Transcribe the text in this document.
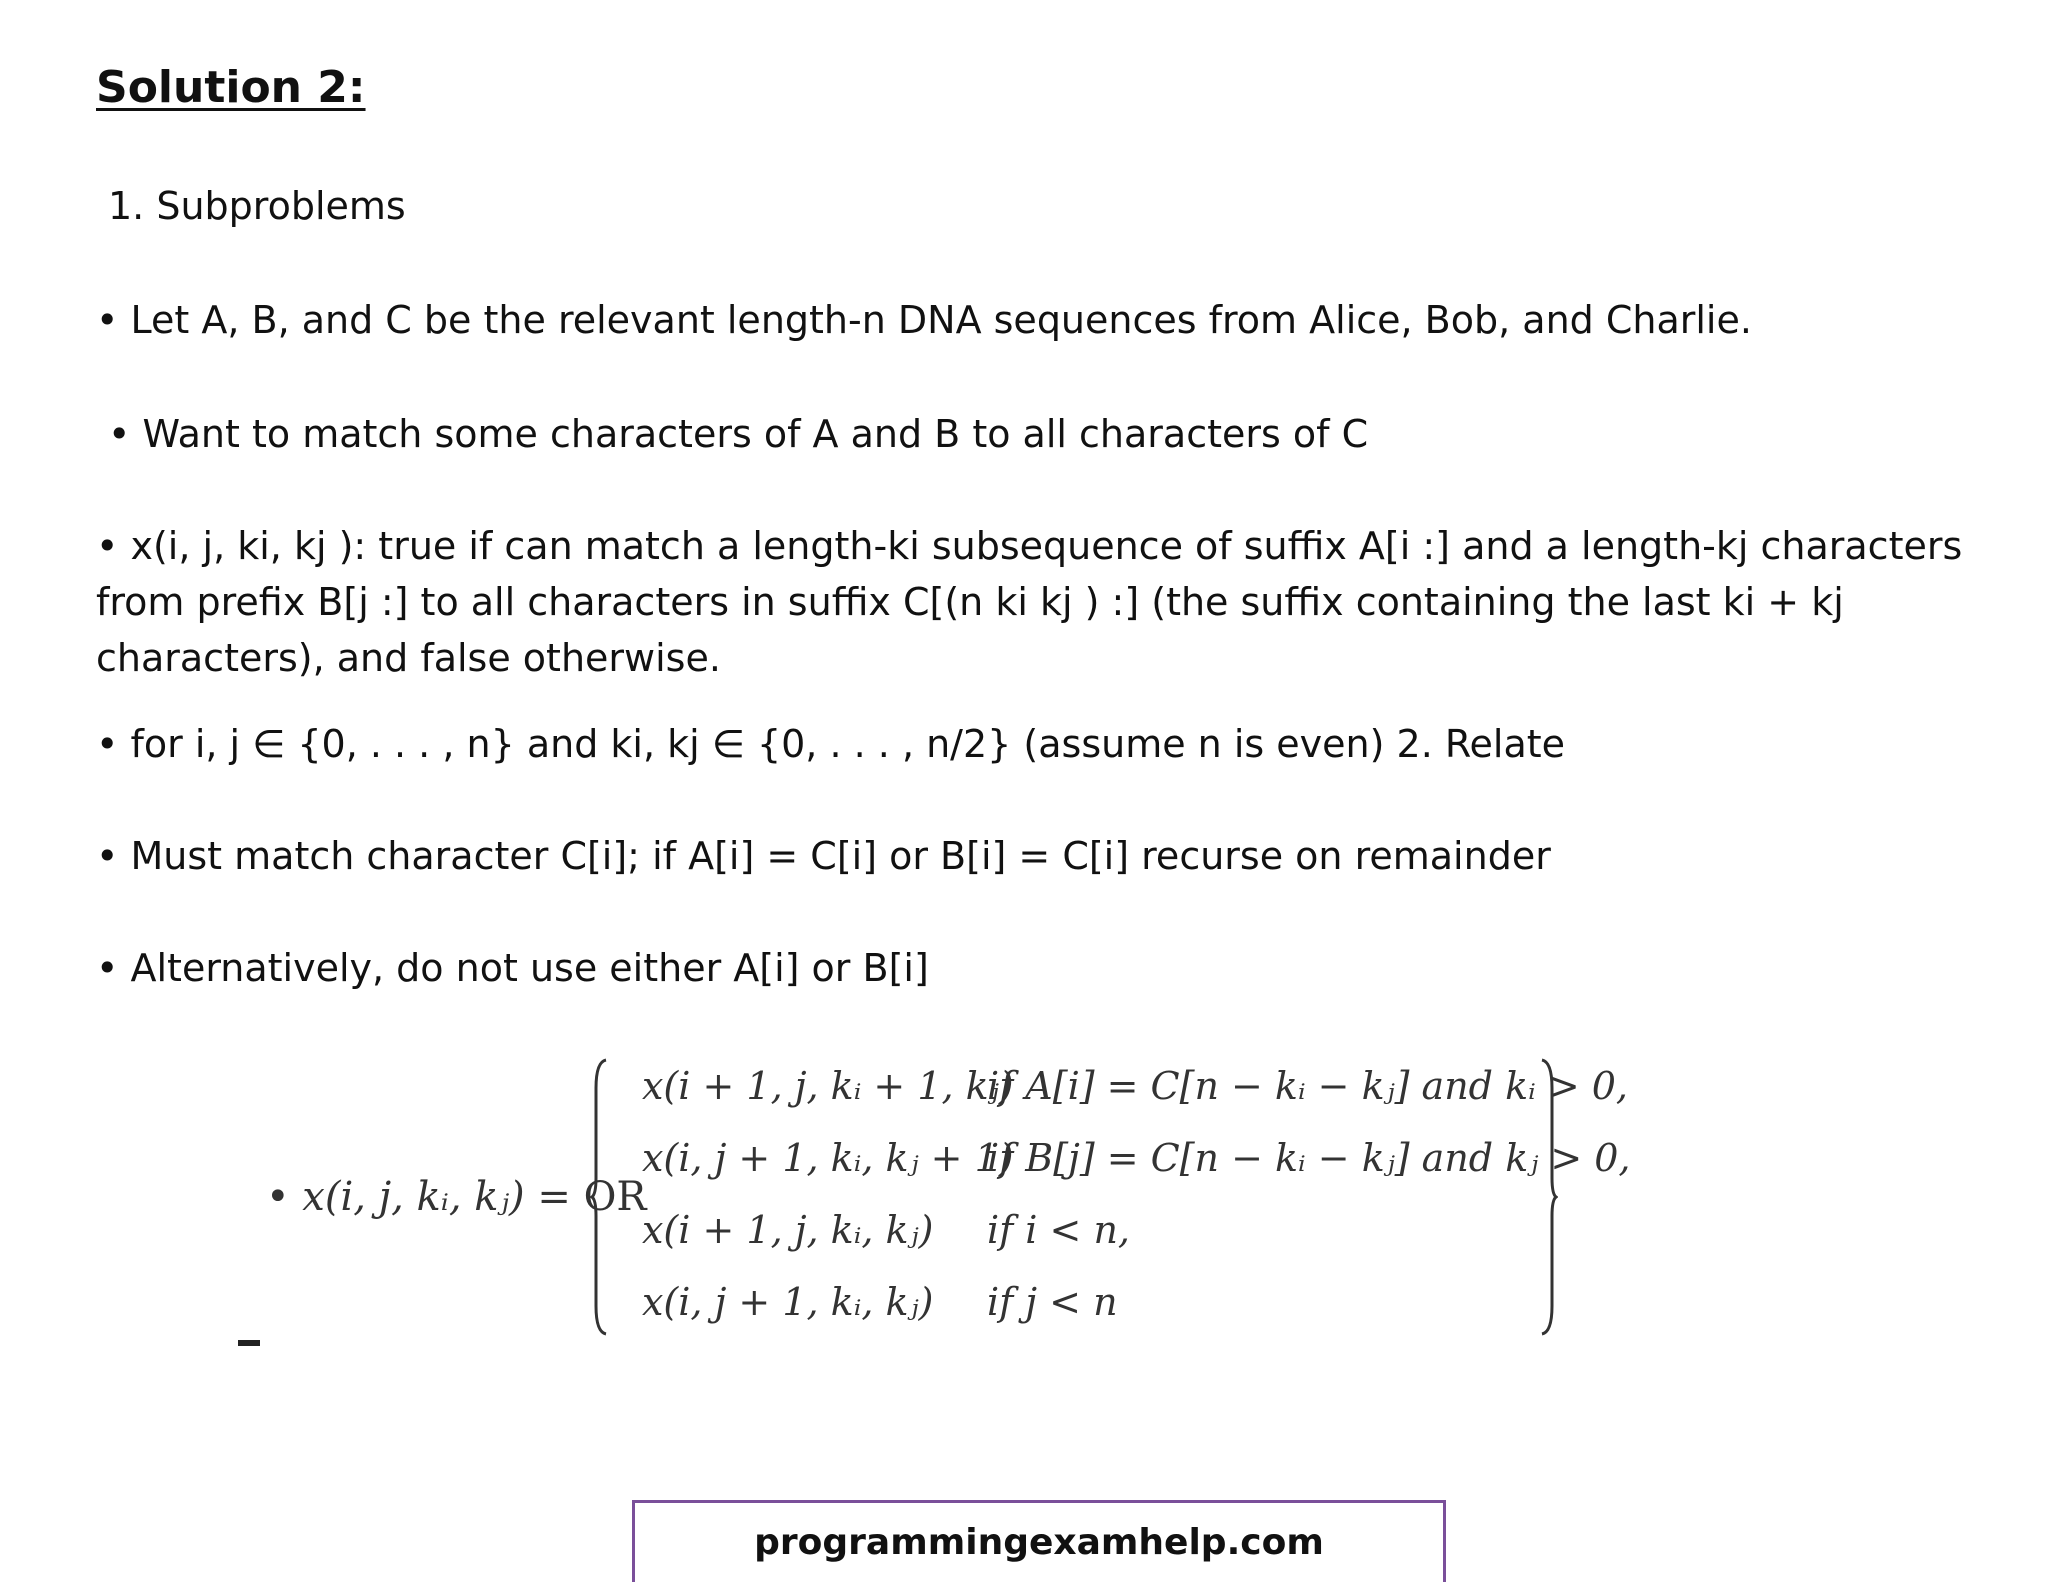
Solution 2:
1. Subproblems
• Let A, B, and C be the relevant length-n DNA sequences from Alice, Bob, and Charlie.
• Want to match some characters of A and B to all characters of C
• x(i, j, ki, kj ): true if can match a length-ki subsequence of suffix A[i :] and a length-kj characters from prefix B[j :] to all characters in suffix C[(n ki kj ) :] (the suffix containing the last ki + kj characters), and false otherwise.
• for i, j ∈ {0, . . . , n} and ki, kj ∈ {0, . . . , n/2} (assume n is even) 2. Relate
• Must match character C[i]; if A[i] = C[i] or B[i] = C[i] recurse on remainder
• Alternatively, do not use either A[i] or B[i]
• x(i, j, kᵢ, kⱼ) = OR
x(i + 1, j, kᵢ + 1, kⱼ)
if A[i] = C[n − kᵢ − kⱼ] and kᵢ > 0,
x(i, j + 1, kᵢ, kⱼ + 1)
if B[j] = C[n − kᵢ − kⱼ] and kⱼ > 0,
x(i + 1, j, kᵢ, kⱼ) if i < n,
x(i, j + 1, kᵢ, kⱼ) if j < n
programmingexamhelp.com
